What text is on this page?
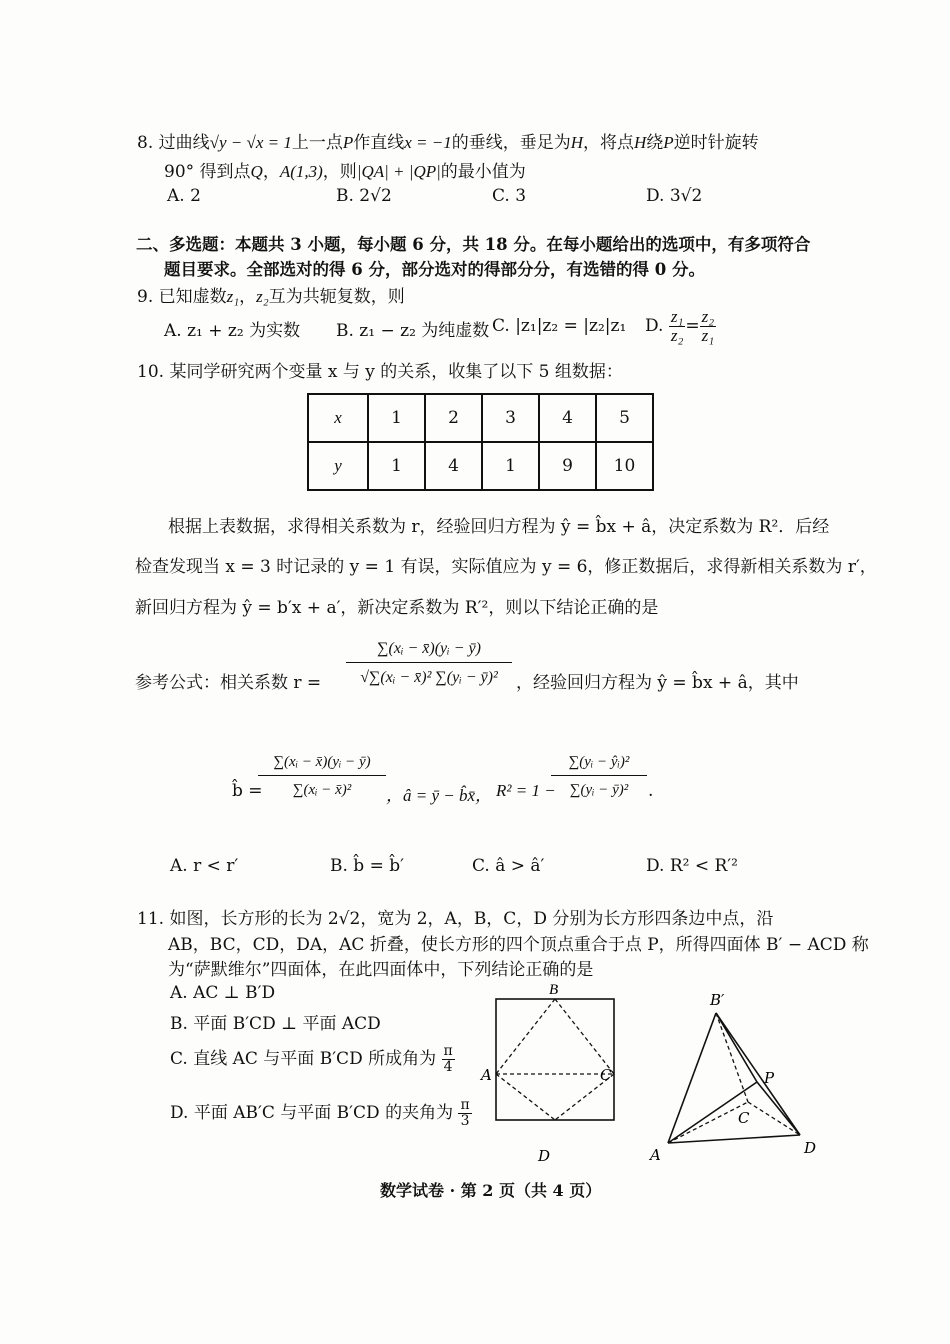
8. 过曲线√y − √x = 1上一点P作直线x = −1的垂线，垂足为H，将点H绕P逆时针旋转
90° 得到点Q，A(1,3)，则|QA| + |QP|的最小值为
A. 2	B. 2√2	C. 3	D. 3√2
二、多选题：本题共 3 小题，每小题 6 分，共 18 分。在每小题给出的选项中，有多项符合
题目要求。全部选对的得 6 分，部分选对的得部分分，有选错的得 0 分。
9. 已知虚数z₁，z₂互为共轭复数，则
A. z₁ + z₂ 为实数 B. z₁ − z₂ 为纯虚数 C. |z₁|z₂ = |z₂|z₁ D. $\frac{\text{z₁}}{\text{z₂}} = \frac{\text{z₂}}{\text{z₁}}$
10. 某同学研究两个变量 x 与 y 的关系，收集了以下 5 组数据：
x	1	2	3	4	5
y	1	4	1	9	10
根据上表数据，求得相关系数为 r，经验回归方程为 ŷ = b̂x + â，决定系数为 R²．后经
检查发现当 x = 3 时记录的 y = 1 有误，实际值应为 y = 6，修正数据后，求得新相关系数为 r′，
新回归方程为 ŷ = b′x + a′，新决定系数为 R′²，则以下结论正确的是
参考公式：相关系数 $r = \frac{\text{∑(xᵢ − x̄)(yᵢ − ȳ)}}{\text{√∑(xᵢ − x̄)² ∑(yᵢ − ȳ)²}}$ ，经验回归方程为 ŷ = b̂x + â，其中
b̂ =
$\frac{\text{∑(xᵢ − x̄)(yᵢ − ȳ)}}{\text{∑(xᵢ − x̄)²}}$ ，â = ȳ − b̂x̄， R² = 1 −
$\frac{\text{∑(yᵢ − ŷᵢ)²}}{\text{∑(yᵢ − ȳ)²}}$ .
A. r < r′	B. b̂ = b̂′	C. â > â′	D. R² < R′²
11. 如图，长方形的长为 2√2，宽为 2，A，B，C，D 分别为长方形四条边中点，沿
AB，BC，CD，DA，AC 折叠，使长方形的四个顶点重合于点 P，所得四面体 B′ − ACD 称
为“萨默维尔”四面体，在此四面体中，下列结论正确的是
A. AC ⊥ B′D
B. 平面 B′CD ⊥ 平面 ACD
C. 直线 AC 与平面 B′CD 所成角为 $\frac{\pi}{4}$
D. 平面 AB′C 与平面 B′CD 的夹角为 $\frac{\pi}{3}$
B
A	C
D
B′
P
C
A	D
数学试卷 · 第 2 页（共 4 页）
